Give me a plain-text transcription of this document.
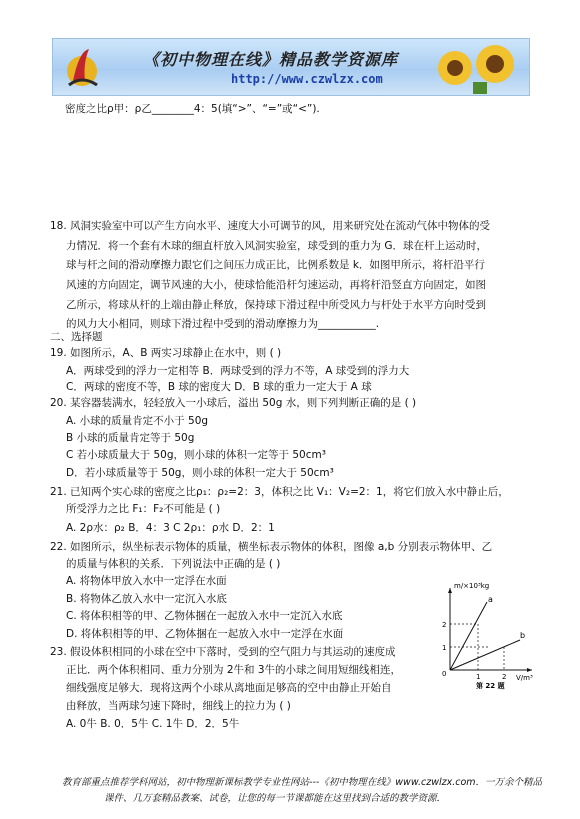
《初中物理在线》精品教学资源库
http://www.czwlzx.com
密度之比ρ甲：ρ乙________4：5(填“>”、“=”或“<”).
18. 风洞实验室中可以产生方向水平、速度大小可调节的风，用来研究处在流动气体中物体的受
力情况．将一个套有木球的细直杆放入风洞实验室，球受到的重力为 G．球在杆上运动时，
球与杆之间的滑动摩擦力跟它们之间压力成正比，比例系数是 k．如图甲所示，将杆沿平行
风速的方向固定，调节风速的大小，使球恰能沿杆匀速运动，再将杆沿竖直方向固定，如图
乙所示，将球从杆的上端由静止释放，保持球下滑过程中所受风力与杆处于水平方向时受到
的风力大小相同，则球下滑过程中受到的滑动摩擦力为___________.
二、选择题
19. 如图所示，A、B 两实习球静止在水中，则 ( )
A．两球受到的浮力一定相等 B．两球受到的浮力不等，A 球受到的浮力大
C．两球的密度不等，B 球的密度大 D．B 球的重力一定大于 A 球
20. 某容器装满水，轻轻放入一小球后，溢出 50g 水，则下列判断正确的是 ( )
A. 小球的质量肯定不小于 50g
B 小球的质量肯定等于 50g
C 若小球质量大于 50g，则小球的体积一定等于 50cm³
D．若小球质量等于 50g，则小球的体积一定大于 50cm³
21. 已知两个实心球的密度之比ρ₁：ρ₂=2：3，体积之比 V₁：V₂=2：1，将它们放入水中静止后，
所受浮力之比 F₁：F₂不可能是 ( )
A. 2ρ水：ρ₂ B．4：3 C 2ρ₁：ρ水 D．2：1
22. 如图所示，纵坐标表示物体的质量，横坐标表示物体的体积，图像 a,b 分别表示物体甲、乙
的质量与体积的关系．下列说法中正确的是 ( )
A. 将物体甲放入水中一定浮在水面
B. 将物体乙放入水中一定沉入水底
C. 将体积相等的甲、乙物体捆在一起放入水中一定沉入水底
D. 将体积相等的甲、乙物体捆在一起放入水中一定浮在水面
23. 假设体积相同的小球在空中下落时，受到的空气阻力与其运动的速度成
正比．两个体积相同、重力分别为 2牛和 3牛的小球之间用短细线相连，
细线强度足够大．现将这两个小球从离地面足够高的空中由静止开始自
由释放，当两球匀速下降时，细线上的拉力为 ( )
A. 0牛 B. 0．5牛 C. 1牛 D．2．5牛
m/×10³kg
V/m³
a
b
0
1
2
1	2
第 22 题
教育部重点推荐学科网站，初中物理新课标教学专业性网站---《初中物理在线》www.czwlzx.com．一万余个精品
课件、几万套精品教案、试卷，让您的每一节课都能在这里找到合适的教学资源．
